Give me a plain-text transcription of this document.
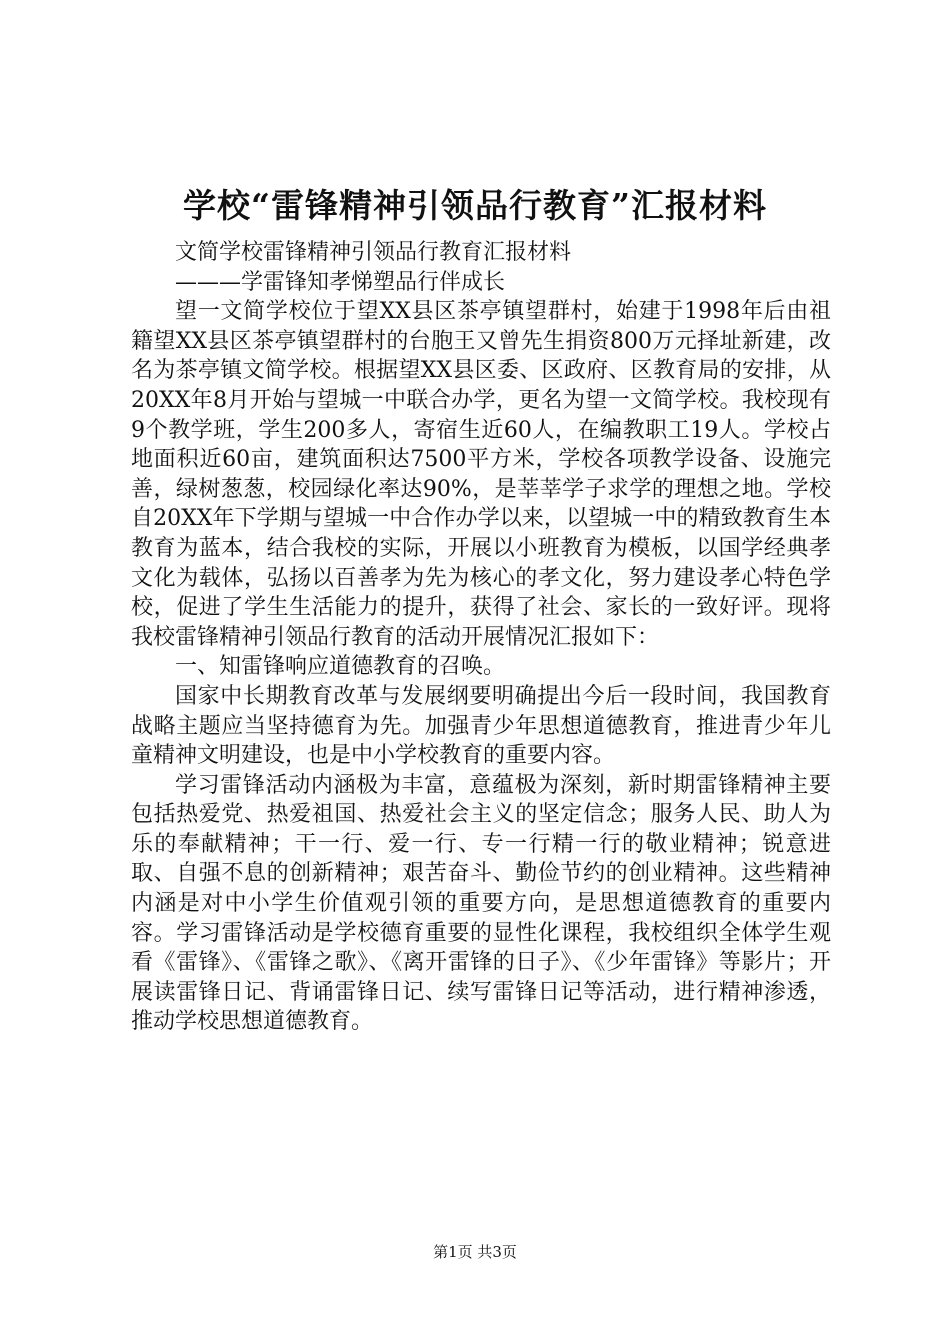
学校“雷锋精神引领品行教育”汇报材料

文简学校雷锋精神引领品行教育汇报材料

———学雷锋知孝悌塑品行伴成长

望一文简学校位于望XX县区茶亭镇望群村，始建于1998年后由祖籍望XX县区茶亭镇望群村的台胞王又曾先生捐资800万元择址新建，改名为茶亭镇文简学校。根据望XX县区委、区政府、区教育局的安排，从20XX年8月开始与望城一中联合办学，更名为望一文简学校。我校现有9个教学班，学生200多人，寄宿生近60人，在编教职工19人。学校占地面积近60亩，建筑面积达7500平方米，学校各项教学设备、设施完善，绿树葱葱，校园绿化率达90%，是莘莘学子求学的理想之地。学校自20XX年下学期与望城一中合作办学以来，以望城一中的精致教育生本教育为蓝本，结合我校的实际，开展以小班教育为模板，以国学经典孝文化为载体，弘扬以百善孝为先为核心的孝文化，努力建设孝心特色学校，促进了学生生活能力的提升，获得了社会、家长的一致好评。现将我校雷锋精神引领品行教育的活动开展情况汇报如下：

一、知雷锋响应道德教育的召唤。

国家中长期教育改革与发展纲要明确提出今后一段时间，我国教育战略主题应当坚持德育为先。加强青少年思想道德教育，推进青少年儿童精神文明建设，也是中小学校教育的重要内容。

学习雷锋活动内涵极为丰富，意蕴极为深刻，新时期雷锋精神主要包括热爱党、热爱祖国、热爱社会主义的坚定信念；服务人民、助人为乐的奉献精神；干一行、爱一行、专一行精一行的敬业精神；锐意进取、自强不息的创新精神；艰苦奋斗、勤俭节约的创业精神。这些精神内涵是对中小学生价值观引领的重要方向，是思想道德教育的重要内容。学习雷锋活动是学校德育重要的显性化课程，我校组织全体学生观看《雷锋》、《雷锋之歌》、《离开雷锋的日子》、《少年雷锋》等影片；开展读雷锋日记、背诵雷锋日记、续写雷锋日记等活动，进行精神渗透，推动学校思想道德教育。

第1页 共3页
